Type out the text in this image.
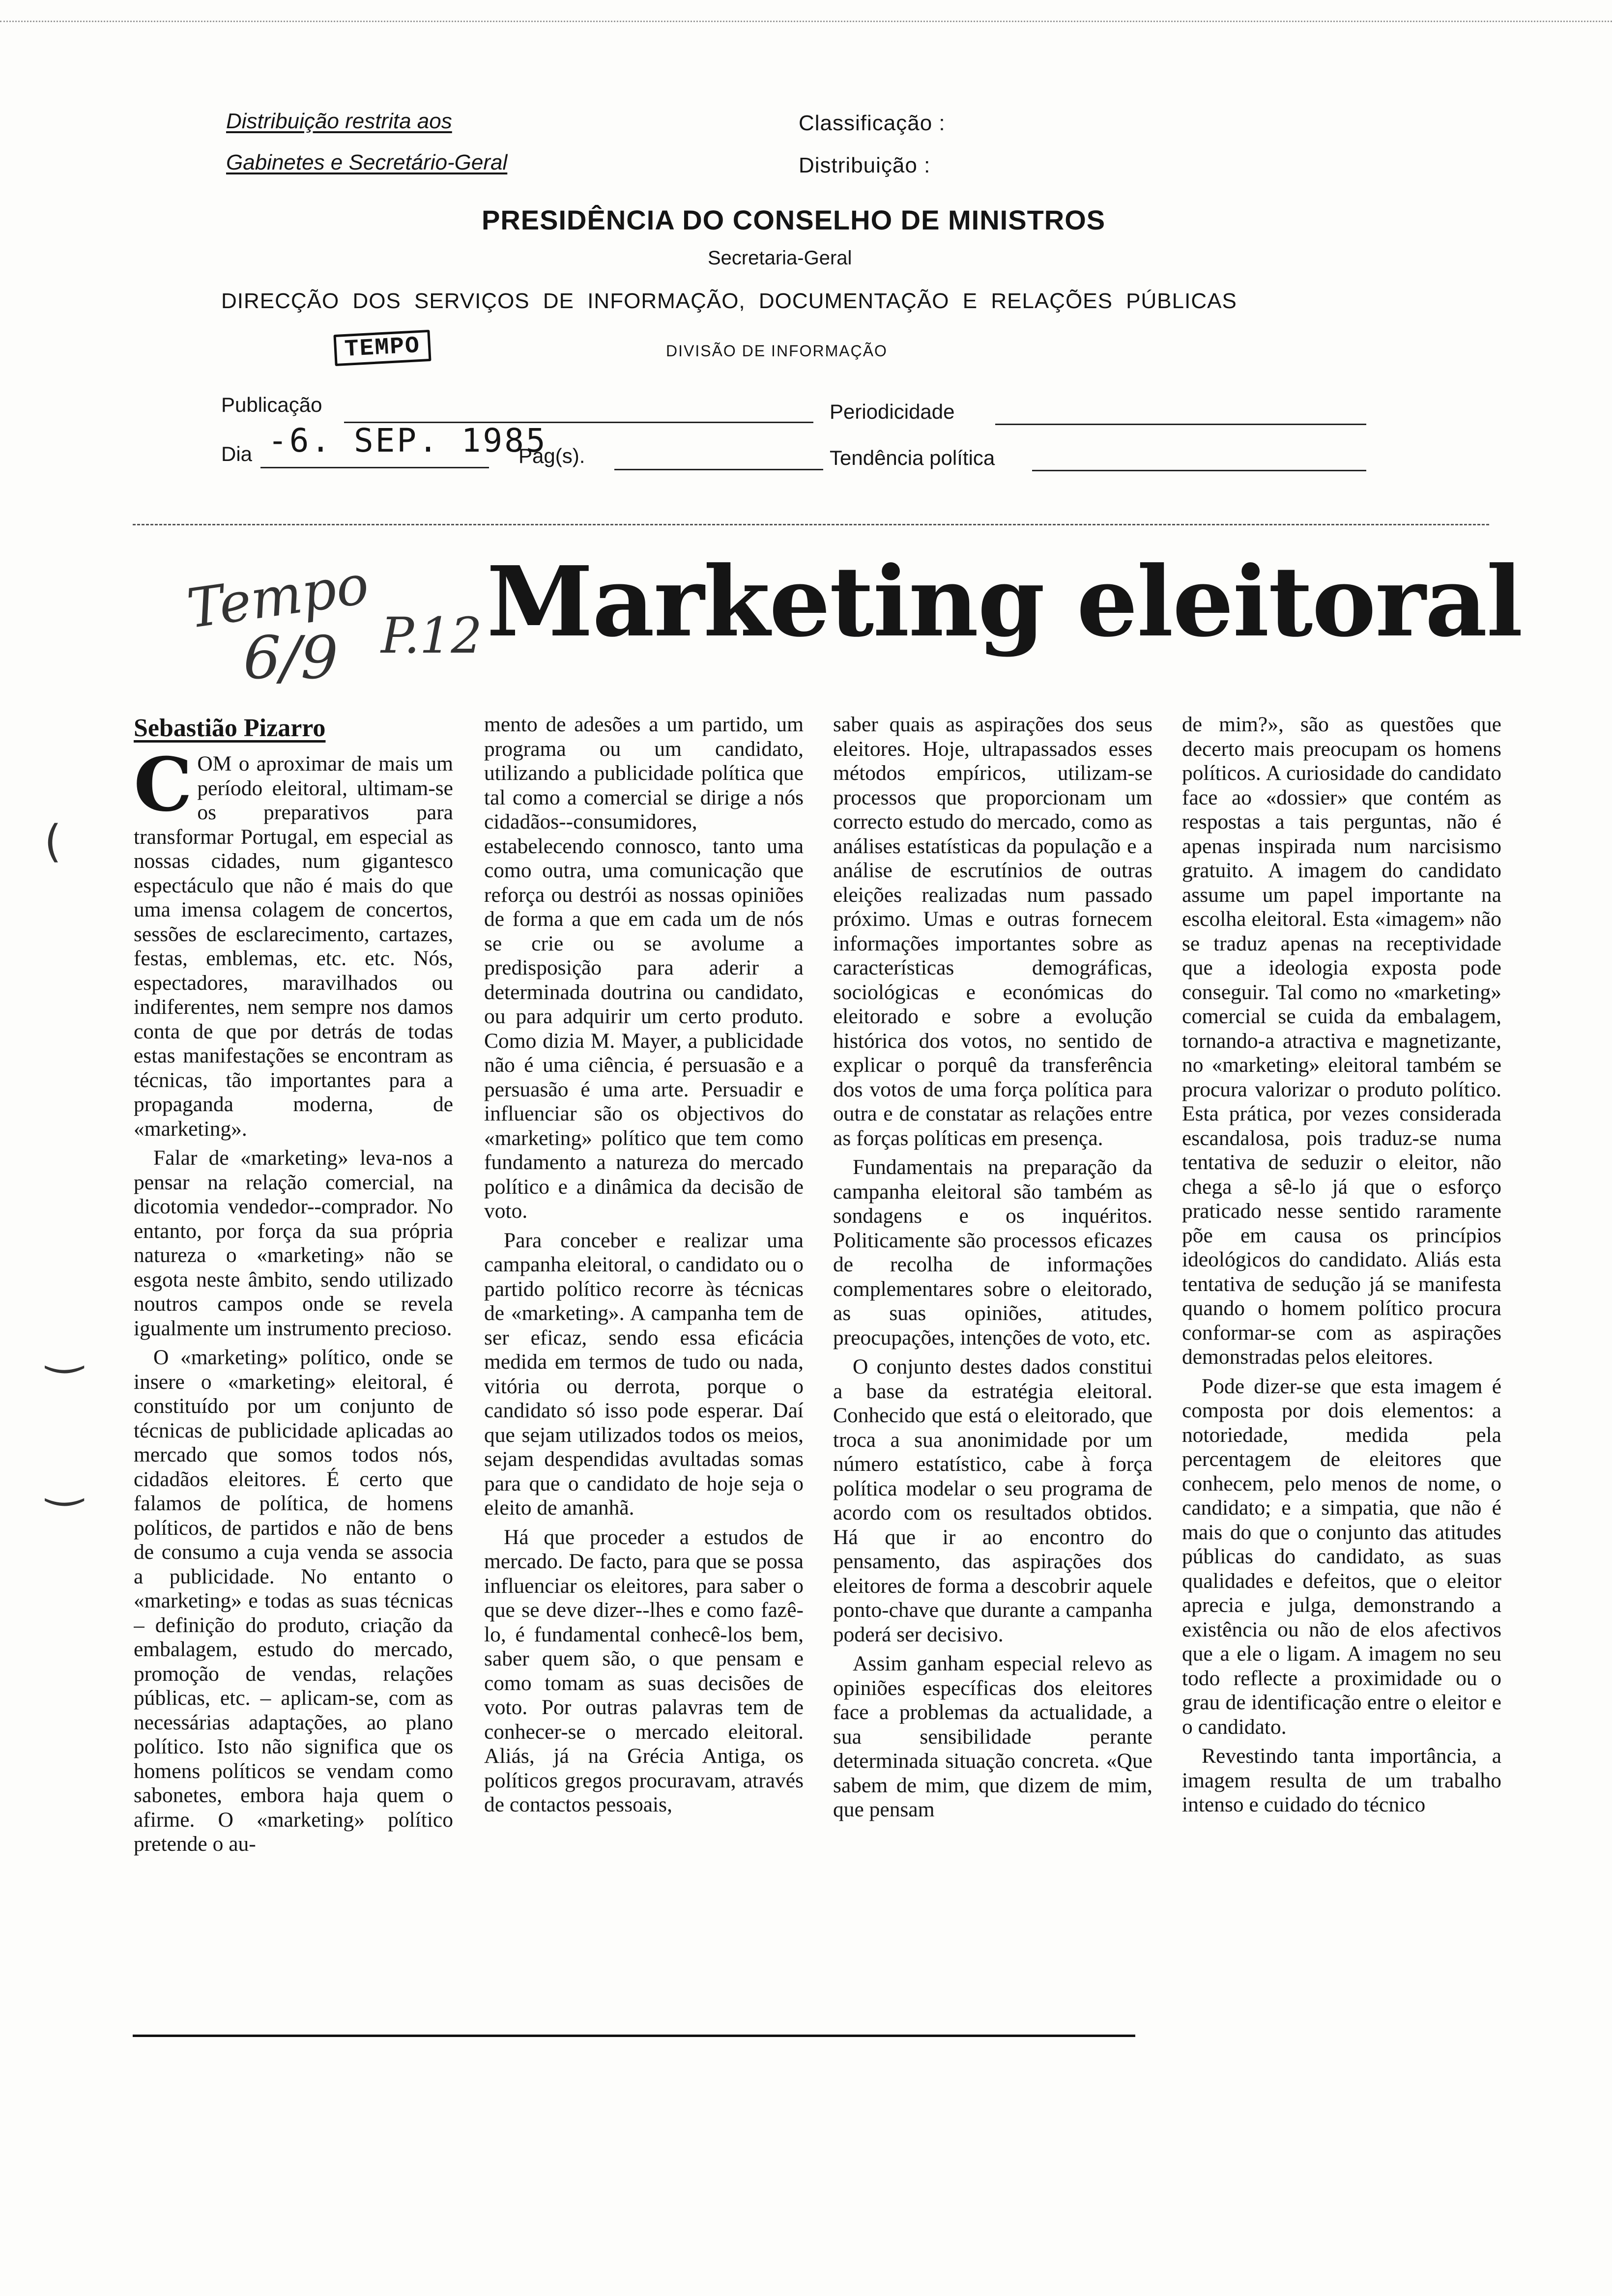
Distribuição restrita aos
Gabinetes e Secretário-Geral
Classificação :
Distribuição :
PRESIDÊNCIA DO CONSELHO DE MINISTROS
Secretaria-Geral
DIRECÇÃO DOS SERVIÇOS DE INFORMAÇÃO, DOCUMENTAÇÃO E RELAÇÕES PÚBLICAS
TEMPO	DIVISÃO DE INFORMAÇÃO
Publicação	Periodicidade
Dia -6. SEP. 1985
Pág(s).	Tendência política
Tempo
6/9 P.12 Marketing eleitoral
Sebastião Pizarro

COM o aproximar de mais um período eleitoral, ultimam-se os preparativos para transformar Portugal, em especial as nossas cidades, num gigantesco espectáculo que não é mais do que uma imensa colagem de concertos, sessões de esclarecimento, cartazes, festas, emblemas, etc. etc. Nós, espectadores, maravilhados ou indiferentes, nem sempre nos damos conta de que por detrás de todas estas manifestações se encontram as técnicas, tão importantes para a propaganda moderna, de «marketing».

Falar de «marketing» leva-nos a pensar na relação comercial, na dicotomia vendedor--comprador. No entanto, por força da sua própria natureza o «marketing» não se esgota neste âmbito, sendo utilizado noutros campos onde se revela igualmente um instrumento precioso.

O «marketing» político, onde se insere o «marketing» eleitoral, é constituído por um conjunto de técnicas de publicidade aplicadas ao mercado que somos todos nós, cidadãos eleitores. É certo que falamos de política, de homens políticos, de partidos e não de bens de consumo a cuja venda se associa a publicidade. No entanto o «marketing» e todas as suas técnicas – definição do produto, criação da embalagem, estudo do mercado, promoção de vendas, relações públicas, etc. – aplicam-se, com as necessárias adaptações, ao plano político. Isto não significa que os homens políticos se vendam como sabonetes, embora haja quem o afirme. O «marketing» político pretende o au-

mento de adesões a um partido, um programa ou um candidato, utilizando a publicidade política que tal como a comercial se dirige a nós cidadãos--consumidores, estabelecendo connosco, tanto uma como outra, uma comunicação que reforça ou destrói as nossas opiniões de forma a que em cada um de nós se crie ou se avolume a predisposição para aderir a determinada doutrina ou candidato, ou para adquirir um certo produto. Como dizia M. Mayer, a publicidade não é uma ciência, é persuasão e a persuasão é uma arte. Persuadir e influenciar são os objectivos do «marketing» político que tem como fundamento a natureza do mercado político e a dinâmica da decisão de voto.

Para conceber e realizar uma campanha eleitoral, o candidato ou o partido político recorre às técnicas de «marketing». A campanha tem de ser eficaz, sendo essa eficácia medida em termos de tudo ou nada, vitória ou derrota, porque o candidato só isso pode esperar. Daí que sejam utilizados todos os meios, sejam despendidas avultadas somas para que o candidato de hoje seja o eleito de amanhã.

Há que proceder a estudos de mercado. De facto, para que se possa influenciar os eleitores, para saber o que se deve dizer--lhes e como fazê-lo, é fundamental conhecê-los bem, saber quem são, o que pensam e como tomam as suas decisões de voto. Por outras palavras tem de conhecer-se o mercado eleitoral. Aliás, já na Grécia Antiga, os políticos gregos procuravam, através de contactos pessoais,

saber quais as aspirações dos seus eleitores. Hoje, ultrapassados esses métodos empíricos, utilizam-se processos que proporcionam um correcto estudo do mercado, como as análises estatísticas da população e a análise de escrutínios de outras eleições realizadas num passado próximo. Umas e outras fornecem informações importantes sobre as características demográficas, sociológicas e económicas do eleitorado e sobre a evolução histórica dos votos, no sentido de explicar o porquê da transferência dos votos de uma força política para outra e de constatar as relações entre as forças políticas em presença.

Fundamentais na preparação da campanha eleitoral são também as sondagens e os inquéritos. Politicamente são processos eficazes de recolha de informações complementares sobre o eleitorado, as suas opiniões, atitudes, preocupações, intenções de voto, etc.

O conjunto destes dados constitui a base da estratégia eleitoral. Conhecido que está o eleitorado, que troca a sua anonimidade por um número estatístico, cabe à força política modelar o seu programa de acordo com os resultados obtidos. Há que ir ao encontro do pensamento, das aspirações dos eleitores de forma a descobrir aquele ponto-chave que durante a campanha poderá ser decisivo.

Assim ganham especial relevo as opiniões específicas dos eleitores face a problemas da actualidade, a sua sensibilidade perante determinada situação concreta. «Que sabem de mim, que dizem de mim, que pensam

de mim?», são as questões que decerto mais preocupam os homens políticos. A curiosidade do candidato face ao «dossier» que contém as respostas a tais perguntas, não é apenas inspirada num narcisismo gratuito. A imagem do candidato assume um papel importante na escolha eleitoral. Esta «imagem» não se traduz apenas na receptividade que a ideologia exposta pode conseguir. Tal como no «marketing» comercial se cuida da embalagem, tornando-a atractiva e magnetizante, no «marketing» eleitoral também se procura valorizar o produto político. Esta prática, por vezes considerada escandalosa, pois traduz-se numa tentativa de seduzir o eleitor, não chega a sê-lo já que o esforço praticado nesse sentido raramente põe em causa os princípios ideológicos do candidato. Aliás esta tentativa de sedução já se manifesta quando o homem político procura conformar-se com as aspirações demonstradas pelos eleitores.

Pode dizer-se que esta imagem é composta por dois elementos: a notoriedade, medida pela percentagem de eleitores que conhecem, pelo menos de nome, o candidato; e a simpatia, que não é mais do que o conjunto das atitudes públicas do candidato, as suas qualidades e defeitos, que o eleitor aprecia e julga, demonstrando a existência ou não de elos afectivos que a ele o ligam. A imagem no seu todo reflecte a proximidade ou o grau de identificação entre o eleitor e o candidato.

Revestindo tanta importância, a imagem resulta de um trabalho intenso e cuidado do técnico

(
‿
‿
